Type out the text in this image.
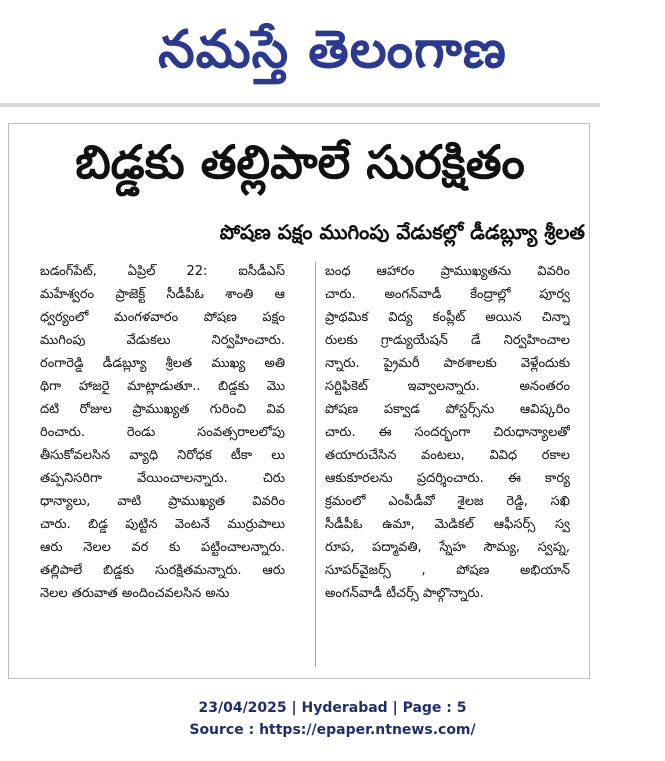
నమస్తే తెలంగాణ
బిడ్డకు తల్లిపాలే సురక్షితం
పోషణ పక్షం ముగింపు వేడుకల్లో డీడబ్ల్యూ శ్రీలత
బడంగ్‌పేట్, ఏప్రిల్ 22: ఐసీడీఎస్
మహేశ్వరం ప్రాజెక్ట్ సీడీపీఓ శాంతి ఆ
ధ్వర్యంలో మంగళవారం పోషణ పక్షం
ముగింపు వేడుకలు నిర్వహించారు.
రంగారెడ్డి డీడబ్ల్యూ శ్రీలత ముఖ్య అతి
థిగా హాజరై మాట్లాడుతూ.. బిడ్డకు మొ
దటి రోజుల ప్రాముఖ్యత గురించి వివ
రించారు. రెండు సంవత్సరాలలోపు
తీసుకోవలసిన వ్యాధి నిరోధక టీకా లు
తప్పనిసరిగా వేయించాలన్నారు. చిరు
ధాన్యాలు, వాటి ప్రాముఖ్యత వివరిం
చారు. బిడ్డ పుట్టిన వెంటనే ముర్రుపాలు
ఆరు నెలల వర కు పట్టించాలన్నారు.
తల్లిపాలే బిడ్డకు సురక్షితమన్నారు. ఆరు
నెలల తరువాత అందించవలసిన అను
బంధ ఆహారం ప్రాముఖ్యతను వివరిం
చారు. అంగన్‌వాడీ కేంద్రాల్లో పూర్వ
ప్రాథమిక విద్య కంప్లీట్ అయిన చిన్నా
రులకు గ్రాడ్యుయేషన్ డే నిర్వహించాల
న్నారు. ప్రైమరీ పాఠశాలకు వెళ్లేందుకు
సర్టిఫికెట్ ఇవ్వాలన్నారు. అనంతరం
పోషణ పక్వాడ పోస్టర్స్‌ను ఆవిష్కరిం
చారు. ఈ సందర్భంగా చిరుధాన్యాలతో
తయారుచేసిన వంటలు, వివిధ రకాల
ఆకుకూరలను ప్రదర్శించారు. ఈ కార్య
క్రమంలో ఎంపీడీవో శైలజ రెడ్డి, సఖి
సీడీపీఓ ఉమా, మెడికల్ ఆఫీసర్స్ స్వ
రూప, పద్మావతి, స్నేహ సౌమ్య, స్వప్న,
సూపర్‌వైజర్స్ , పోషణ అభియాన్
అంగన్‌వాడీ టీచర్స్ పాల్గొన్నారు.
23/04/2025 | Hyderabad | Page : 5
Source : https://epaper.ntnews.com/
